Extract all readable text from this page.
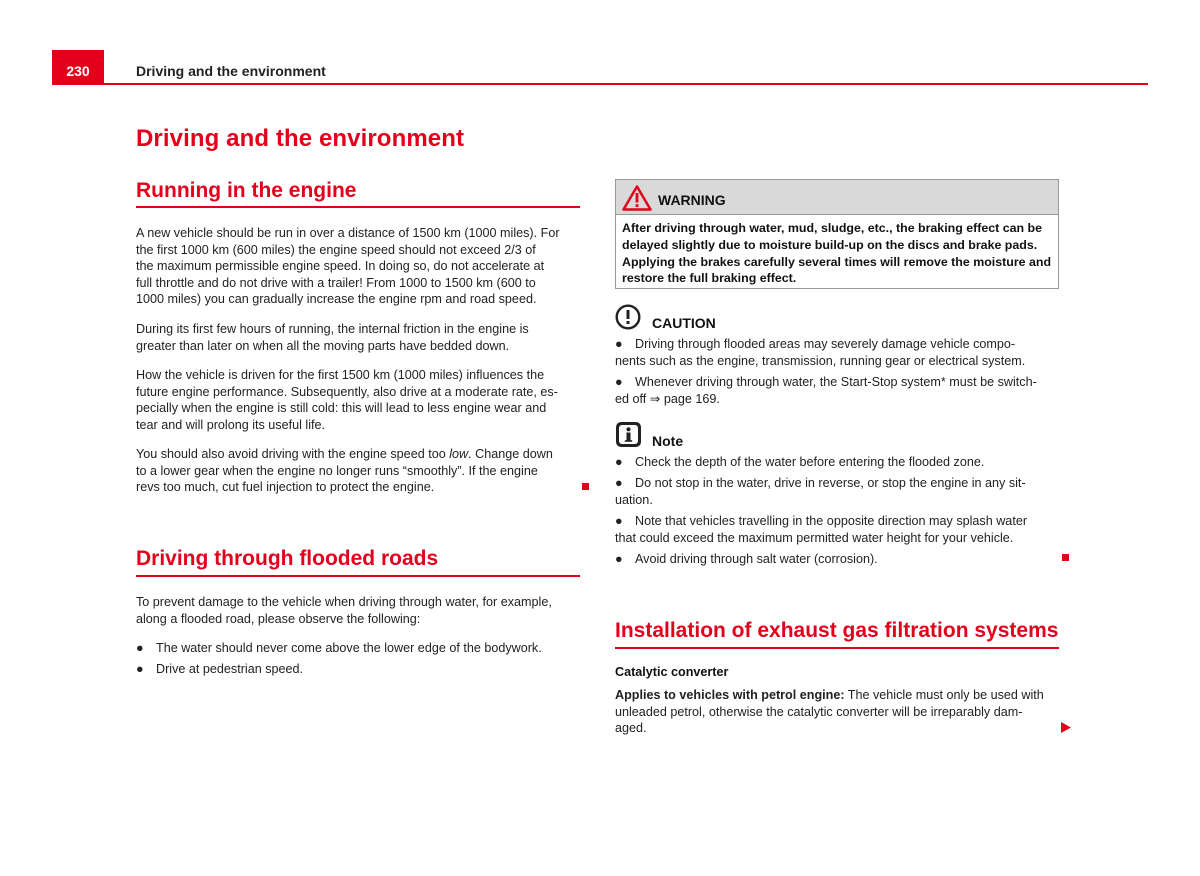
230	Driving and the environment
Driving and the environment
Running in the engine
A new vehicle should be run in over a distance of 1500 km (1000 miles). For
the first 1000 km (600 miles) the engine speed should not exceed 2/3 of
the maximum permissible engine speed. In doing so, do not accelerate at
full throttle and do not drive with a trailer! From 1000 to 1500 km (600 to
1000 miles) you can gradually increase the engine rpm and road speed.
During its first few hours of running, the internal friction in the engine is
greater than later on when all the moving parts have bedded down.
How the vehicle is driven for the first 1500 km (1000 miles) influences the
future engine performance. Subsequently, also drive at a moderate rate, es-
pecially when the engine is still cold: this will lead to less engine wear and
tear and will prolong its useful life.
You should also avoid driving with the engine speed too low. Change down
to a lower gear when the engine no longer runs “smoothly”. If the engine
revs too much, cut fuel injection to protect the engine.
Driving through flooded roads
To prevent damage to the vehicle when driving through water, for example,
along a flooded road, please observe the following:
● The water should never come above the lower edge of the bodywork.
● Drive at pedestrian speed.
WARNING
After driving through water, mud, sludge, etc., the braking effect can be
delayed slightly due to moisture build-up on the discs and brake pads.
Applying the brakes carefully several times will remove the moisture and
restore the full braking effect.
CAUTION
● Driving through flooded areas may severely damage vehicle compo-
nents such as the engine, transmission, running gear or electrical system.
● Whenever driving through water, the Start-Stop system* must be switch-
ed off ⇒ page 169.
Note
● Check the depth of the water before entering the flooded zone.
● Do not stop in the water, drive in reverse, or stop the engine in any sit-
uation.
● Note that vehicles travelling in the opposite direction may splash water
that could exceed the maximum permitted water height for your vehicle.
● Avoid driving through salt water (corrosion).
Installation of exhaust gas filtration systems
Catalytic converter
Applies to vehicles with petrol engine: The vehicle must only be used with
unleaded petrol, otherwise the catalytic converter will be irreparably dam-
aged.
